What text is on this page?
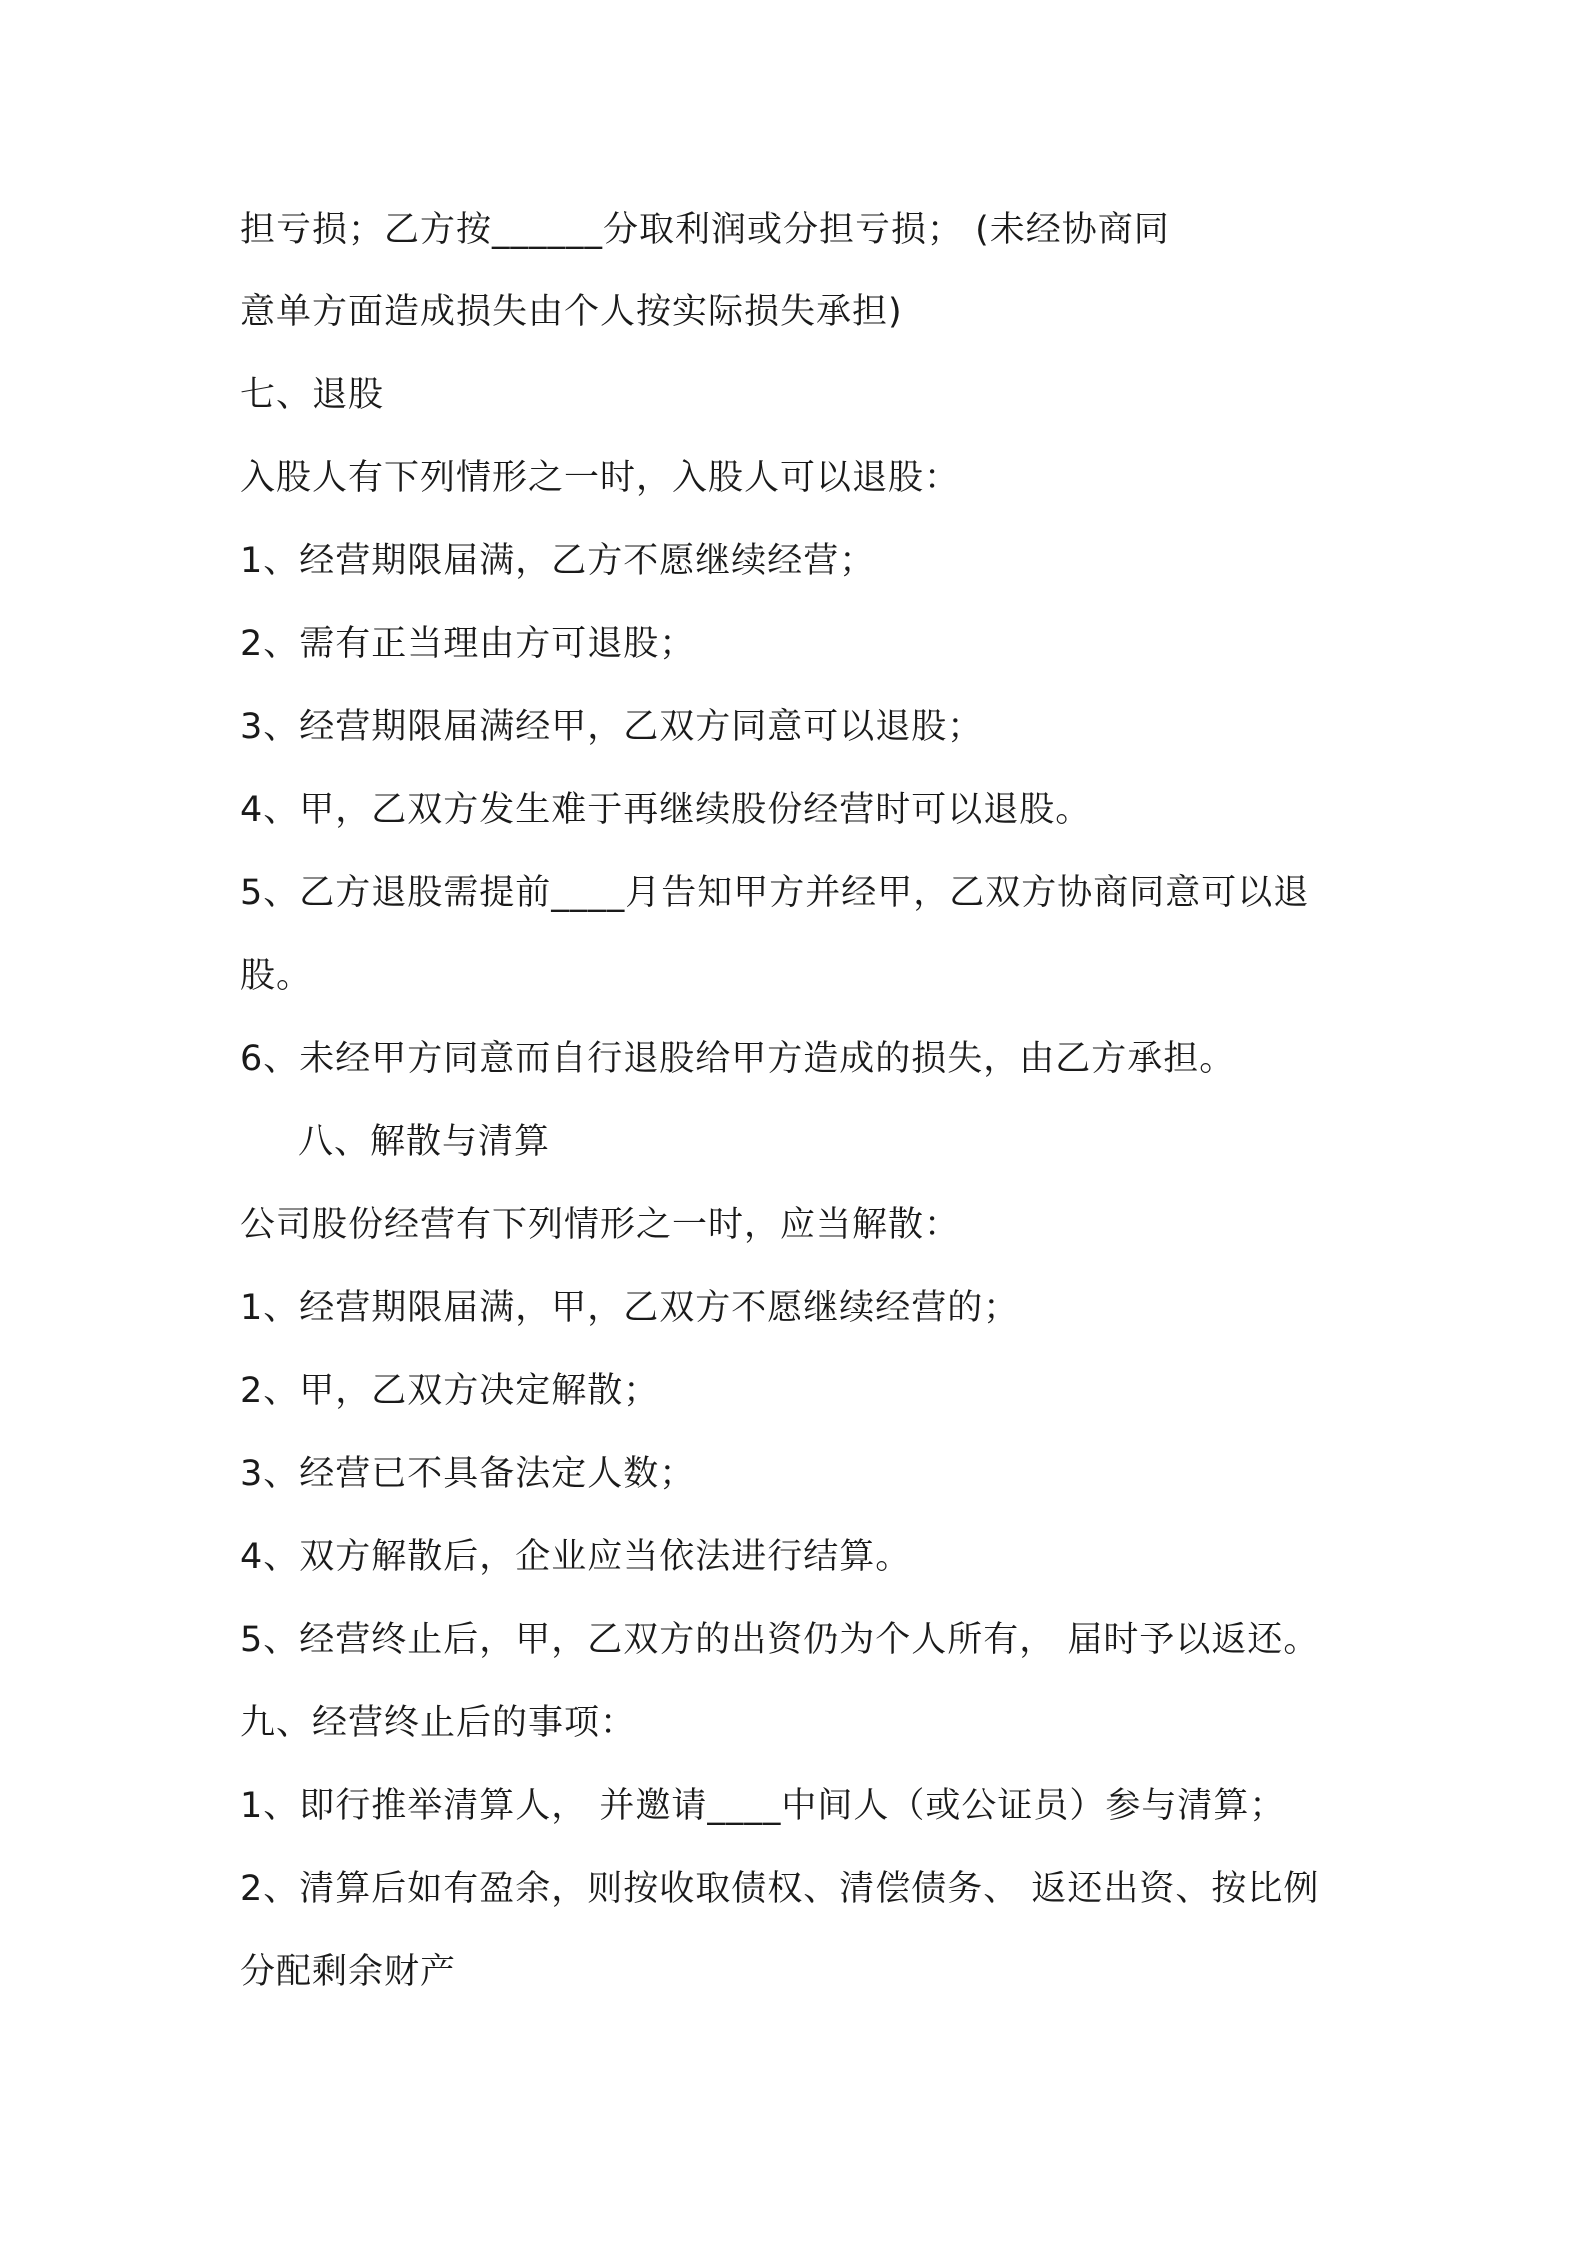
担亏损；乙方按______分取利润或分担亏损； (未经协商同
意单方面造成损失由个人按实际损失承担)
七、退股
入股人有下列情形之一时，入股人可以退股：
1、经营期限届满，乙方不愿继续经营；
2、需有正当理由方可退股；
3、经营期限届满经甲，乙双方同意可以退股；
4、甲，乙双方发生难于再继续股份经营时可以退股。
5、乙方退股需提前____月告知甲方并经甲，乙双方协商同意可以退
股。
6、未经甲方同意而自行退股给甲方造成的损失，由乙方承担。
八、解散与清算
公司股份经营有下列情形之一时，应当解散：
1、经营期限届满，甲，乙双方不愿继续经营的；
2、甲，乙双方决定解散；
3、经营已不具备法定人数；
4、双方解散后，企业应当依法进行结算。
5、经营终止后，甲，乙双方的出资仍为个人所有， 届时予以返还。
九、经营终止后的事项：
1、即行推举清算人， 并邀请____中间人（或公证员）参与清算；
2、清算后如有盈余，则按收取债权、清偿债务、 返还出资、按比例
分配剩余财产
